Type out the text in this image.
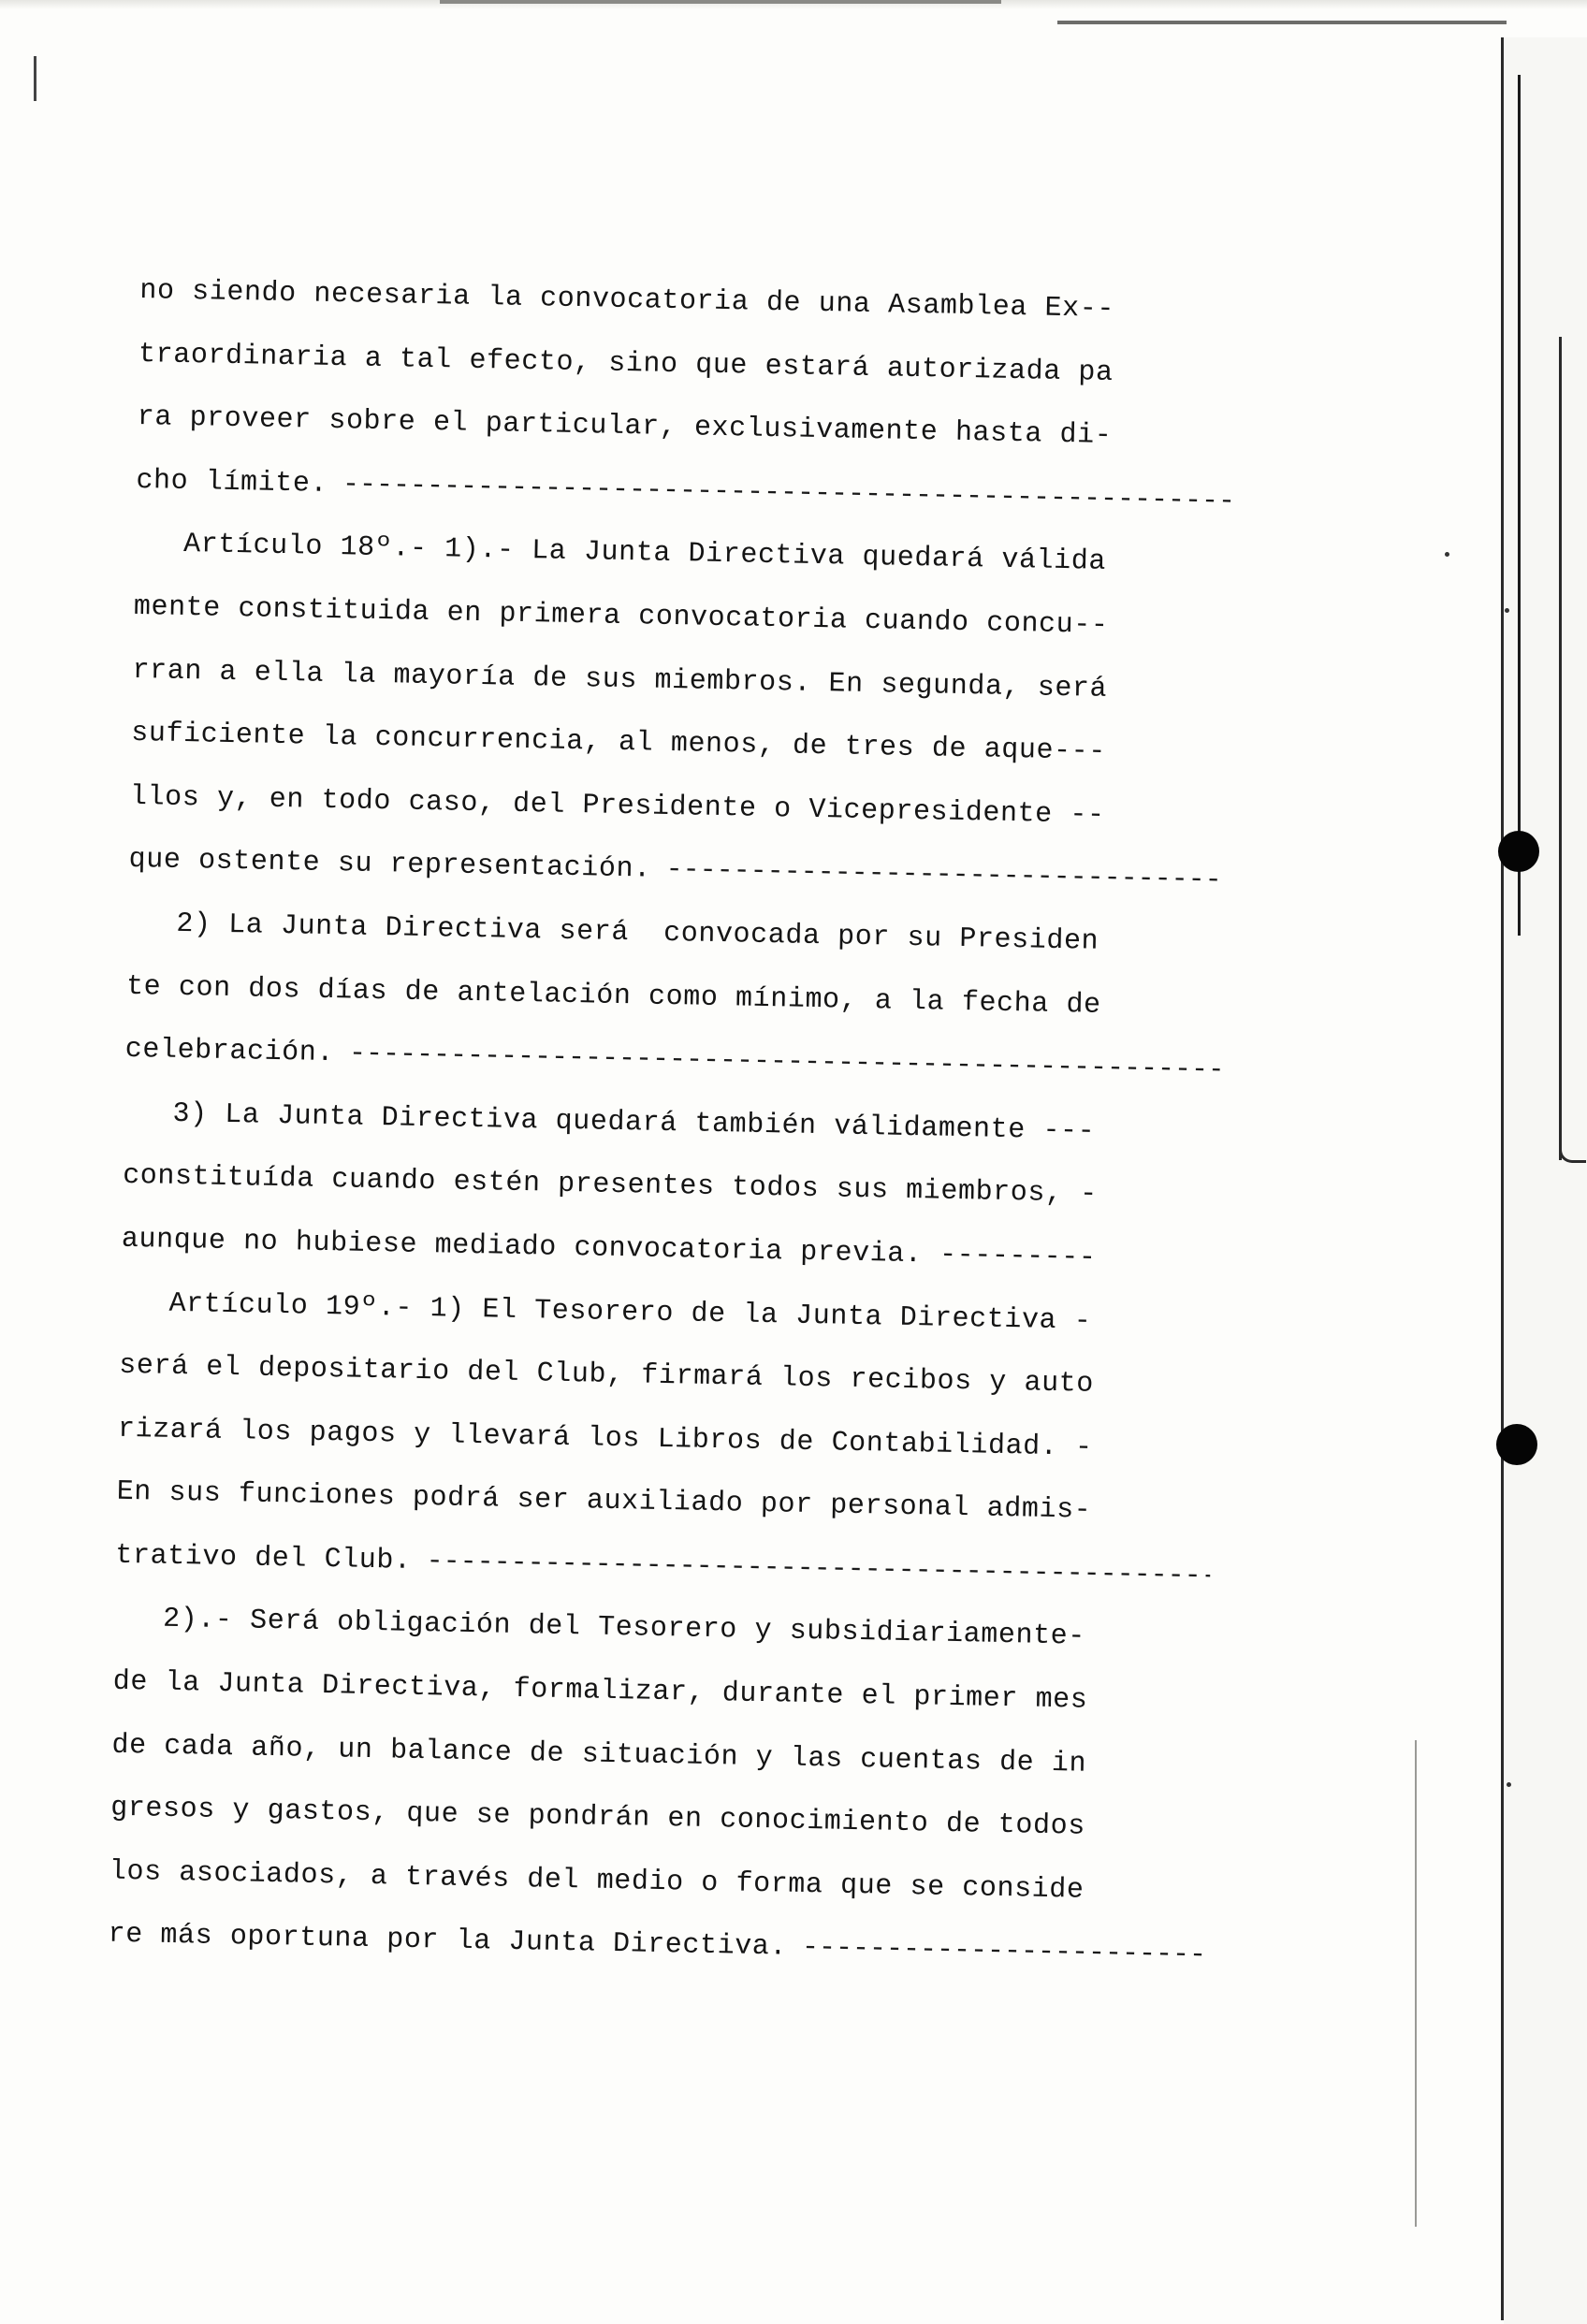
no siendo necesaria la convocatoria de una Asamblea Ex--
traordinaria a tal efecto, sino que estará autorizada pa
ra proveer sobre el particular, exclusivamente hasta di-
cho límite.
-----
Artículo 18º.- 1).- La Junta Directiva quedará válida
mente constituida en primera convocatoria cuando concu--
rran a ella la mayoría de sus miembros. En segunda, será
suficiente la concurrencia, al menos, de tres de aque---
llos y, en todo caso, del Presidente o Vicepresidente --
que ostente su representación.
-----
2) La Junta Directiva será  convocada por su Presiden
te con dos días de antelación como mínimo, a la fecha de
celebración.
-----
3) La Junta Directiva quedará también válidamente ---
constituída cuando estén presentes todos sus miembros, -
aunque no hubiese mediado convocatoria previa. ---------
Artículo 19º.- 1) El Tesorero de la Junta Directiva -
será el depositario del Club, firmará los recibos y auto
rizará los pagos y llevará los Libros de Contabilidad. -
En sus funciones podrá ser auxiliado por personal admis-
trativo del Club.
-----
2).- Será obligación del Tesorero y subsidiariamente-
de la Junta Directiva, formalizar, durante el primer mes
de cada año, un balance de situación y las cuentas de in
gresos y gastos, que se pondrán en conocimiento de todos
los asociados, a través del medio o forma que se conside
re más oportuna por la Junta Directiva.
-----
